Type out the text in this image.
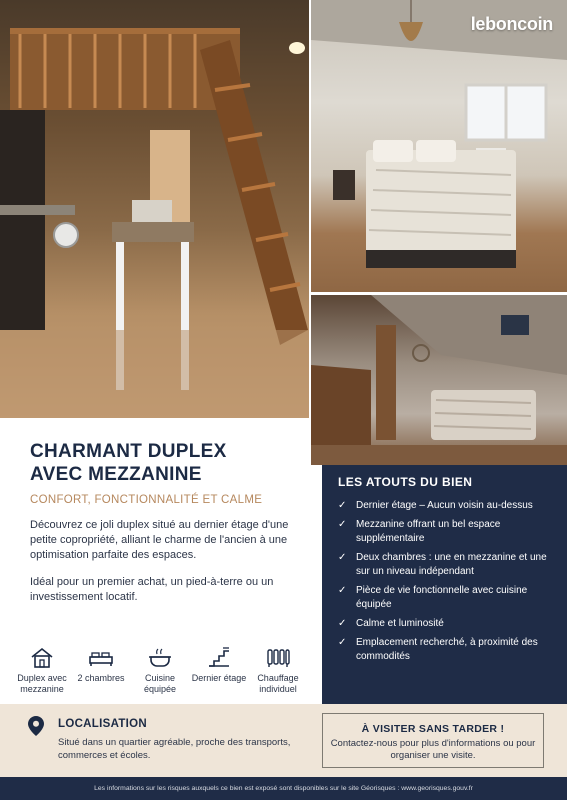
leboncoin
CHARMANT DUPLEX
AVEC MEZZANINE
CONFORT, FONCTIONNALITÉ ET CALME

Découvrez ce joli duplex situé au dernier étage d'une petite copropriété, alliant le charme de l'ancien à une optimisation parfaite des espaces.

Idéal pour un premier achat, un pied-à-terre ou un investissement locatif.

Duplex avec mezzanine
2 chambres	Cuisine équipée
Dernier étage	Chauffage individuel
LES ATOUTS DU BIEN
✓ Dernier étage – Aucun voisin au-dessus
✓ Mezzanine offrant un bel espace supplémentaire
✓ Deux chambres : une en mezzanine et une sur un niveau indépendant
✓ Pièce de vie fonctionnelle avec cuisine équipée
✓ Calme et luminosité
✓ Emplacement recherché, à proximité des commodités
LOCALISATION
Situé dans un quartier agréable, proche des transports, commerces et écoles.
À VISITER SANS TARDER !
Contactez-nous pour plus d'informations ou pour organiser une visite.
Les informations sur les risques auxquels ce bien est exposé sont disponibles sur le site Géorisques : www.georisques.gouv.fr
